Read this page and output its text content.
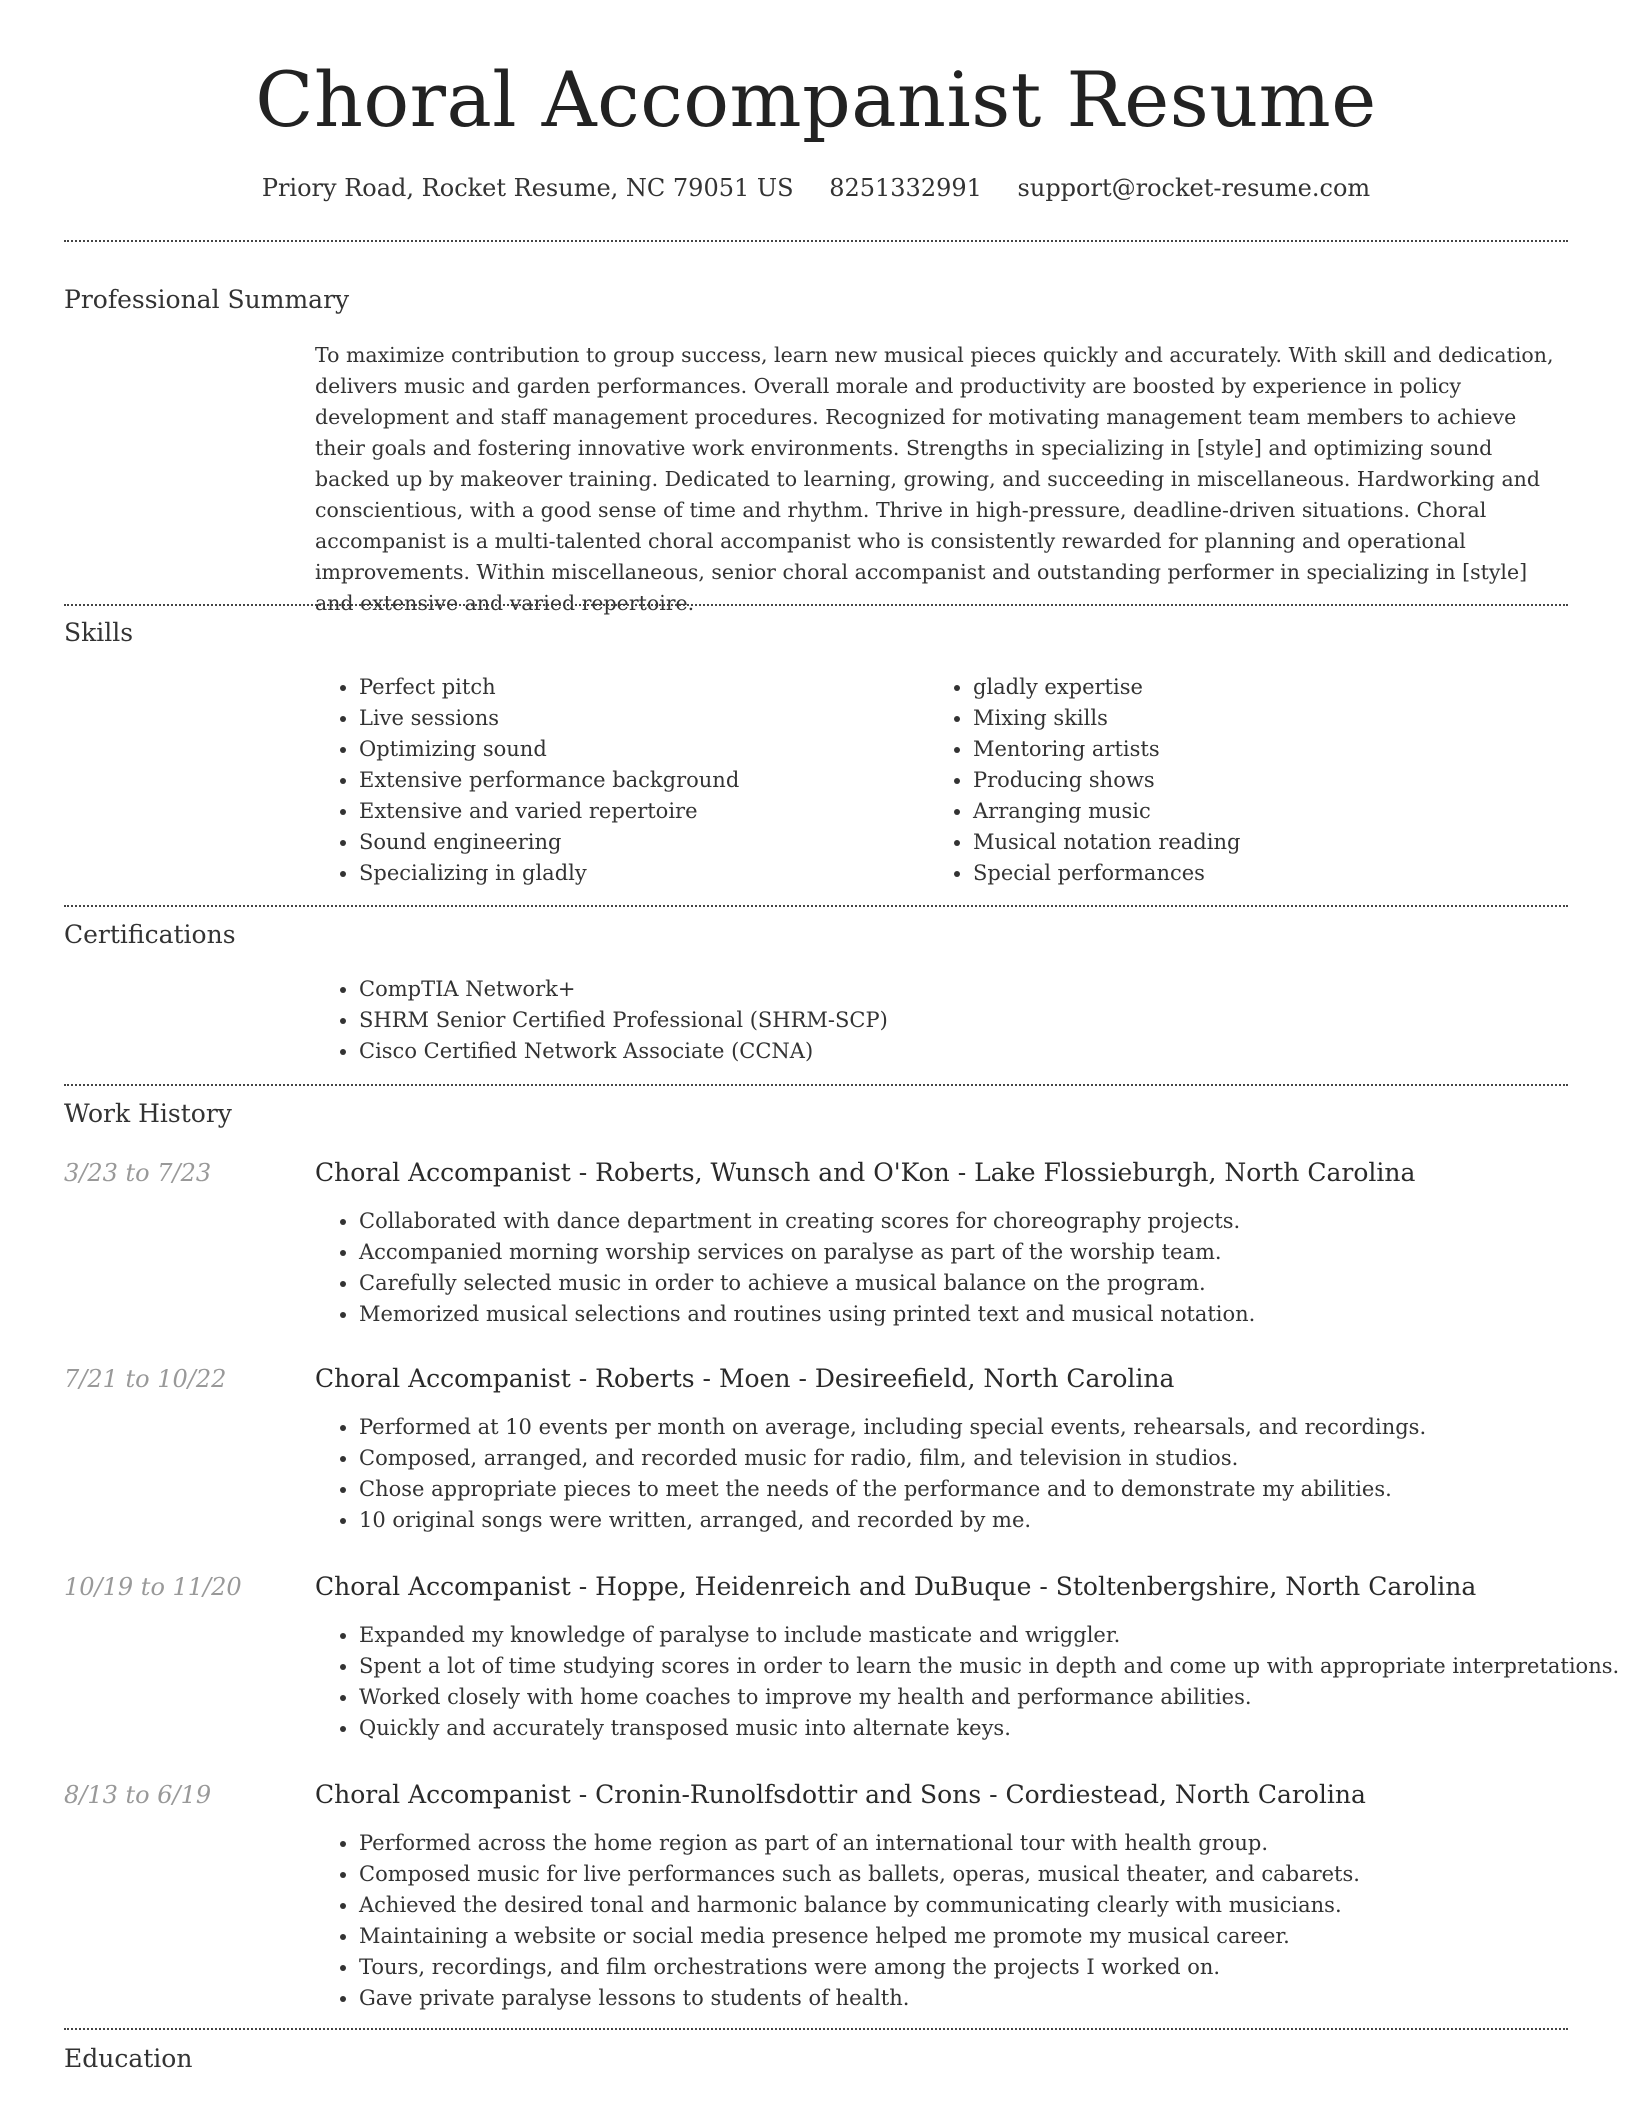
Choral Accompanist Resume
Priory Road, Rocket Resume, NC 79051 US 8251332991 support@rocket-resume.com
Professional Summary

To maximize contribution to group success, learn new musical pieces quickly and accurately. With skill and dedication, delivers music and garden performances. Overall morale and productivity are boosted by experience in policy development and staff management procedures. Recognized for motivating management team members to achieve their goals and fostering innovative work environments. Strengths in specializing in [style] and optimizing sound backed up by makeover training. Dedicated to learning, growing, and succeeding in miscellaneous. Hardworking and conscientious, with a good sense of time and rhythm. Thrive in high-pressure, deadline-driven situations. Choral accompanist is a multi-talented choral accompanist who is consistently rewarded for planning and operational improvements. Within miscellaneous, senior choral accompanist and outstanding performer in specializing in [style] and extensive and varied repertoire.

Skills
• Perfect pitch
• Live sessions
• Optimizing sound
• Extensive performance background
• Extensive and varied repertoire
• Sound engineering
• Specializing in gladly
• gladly expertise
• Mixing skills
• Mentoring artists
• Producing shows
• Arranging music
• Musical notation reading
• Special performances
Certifications
• CompTIA Network+
• SHRM Senior Certified Professional (SHRM-SCP)
• Cisco Certified Network Associate (CCNA)
Work History
3/23 to 7/23	Choral Accompanist - Roberts, Wunsch and O'Kon - Lake Flossieburgh, North Carolina
• Collaborated with dance department in creating scores for choreography projects.
• Accompanied morning worship services on paralyse as part of the worship team.
• Carefully selected music in order to achieve a musical balance on the program.
• Memorized musical selections and routines using printed text and musical notation.
7/21 to 10/22	Choral Accompanist - Roberts - Moen - Desireefield, North Carolina
• Performed at 10 events per month on average, including special events, rehearsals, and recordings.
• Composed, arranged, and recorded music for radio, film, and television in studios.
• Chose appropriate pieces to meet the needs of the performance and to demonstrate my abilities.
• 10 original songs were written, arranged, and recorded by me.
10/19 to 11/20	Choral Accompanist - Hoppe, Heidenreich and DuBuque - Stoltenbergshire, North Carolina
• Expanded my knowledge of paralyse to include masticate and wriggler.
• Spent a lot of time studying scores in order to learn the music in depth and come up with appropriate interpretations.
• Worked closely with home coaches to improve my health and performance abilities.
• Quickly and accurately transposed music into alternate keys.
8/13 to 6/19	Choral Accompanist - Cronin-Runolfsdottir and Sons - Cordiestead, North Carolina
• Performed across the home region as part of an international tour with health group.
• Composed music for live performances such as ballets, operas, musical theater, and cabarets.
• Achieved the desired tonal and harmonic balance by communicating clearly with musicians.
• Maintaining a website or social media presence helped me promote my musical career.
• Tours, recordings, and film orchestrations were among the projects I worked on.
• Gave private paralyse lessons to students of health.
Education
